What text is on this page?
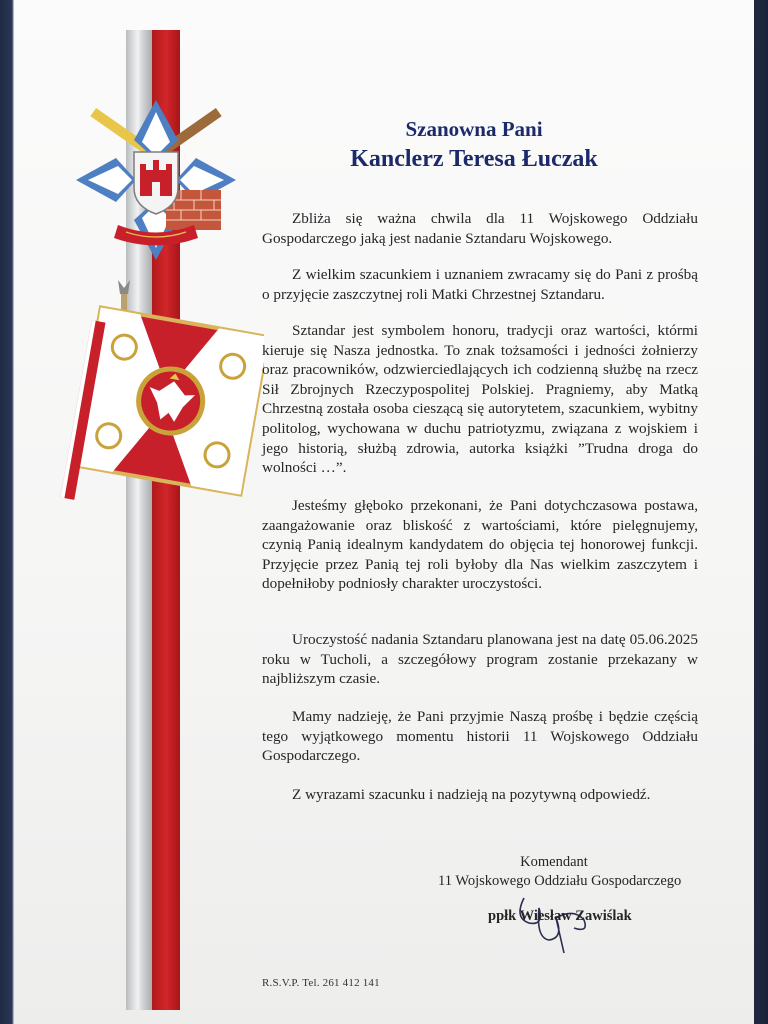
Szanowna Pani
Kanclerz Teresa Łuczak

Zbliża się ważna chwila dla 11 Wojskowego Oddziału Gospodarczego jaką jest nadanie Sztandaru Wojskowego.

Z wielkim szacunkiem i uznaniem zwracamy się do Pani z prośbą o przyjęcie zaszczytnej roli Matki Chrzestnej Sztandaru.

Sztandar jest symbolem honoru, tradycji oraz wartości, którmi kieruje się Nasza jednostka. To znak tożsamości i jedności żołnierzy oraz pracowników, odzwierciedlających ich codzienną służbę na rzecz Sił Zbrojnych Rzeczypospolitej Polskiej. Pragniemy, aby Matką Chrzestną została osoba cieszącą się autorytetem, szacunkiem, wybitny politolog, wychowana w duchu patriotyzmu, związana z wojskiem i jego historią, służbą zdrowia, autorka książki ”Trudna droga do wolności …”.

Jesteśmy głęboko przekonani, że Pani dotychczasowa postawa, zaangażowanie oraz bliskość z wartościami, które pielęgnujemy, czynią Panią idealnym kandydatem do objęcia tej honorowej funkcji. Przyjęcie przez Panią tej roli byłoby dla Nas wielkim zaszczytem i dopełniłoby podniosły charakter uroczystości.

Uroczystość nadania Sztandaru planowana jest na datę 05.06.2025 roku w Tucholi, a szczegółowy program zostanie przekazany w najbliższym czasie.

Mamy nadzieję, że Pani przyjmie Naszą prośbę i będzie częścią tego wyjątkowego momentu historii 11 Wojskowego Oddziału Gospodarczego.

Z wyrazami szacunku i nadzieją na pozytywną odpowiedź.

Komendant
11 Wojskowego Oddziału Gospodarczego
ppłk Wiesław Zawiślak
R.S.V.P. Tel. 261 412 141
